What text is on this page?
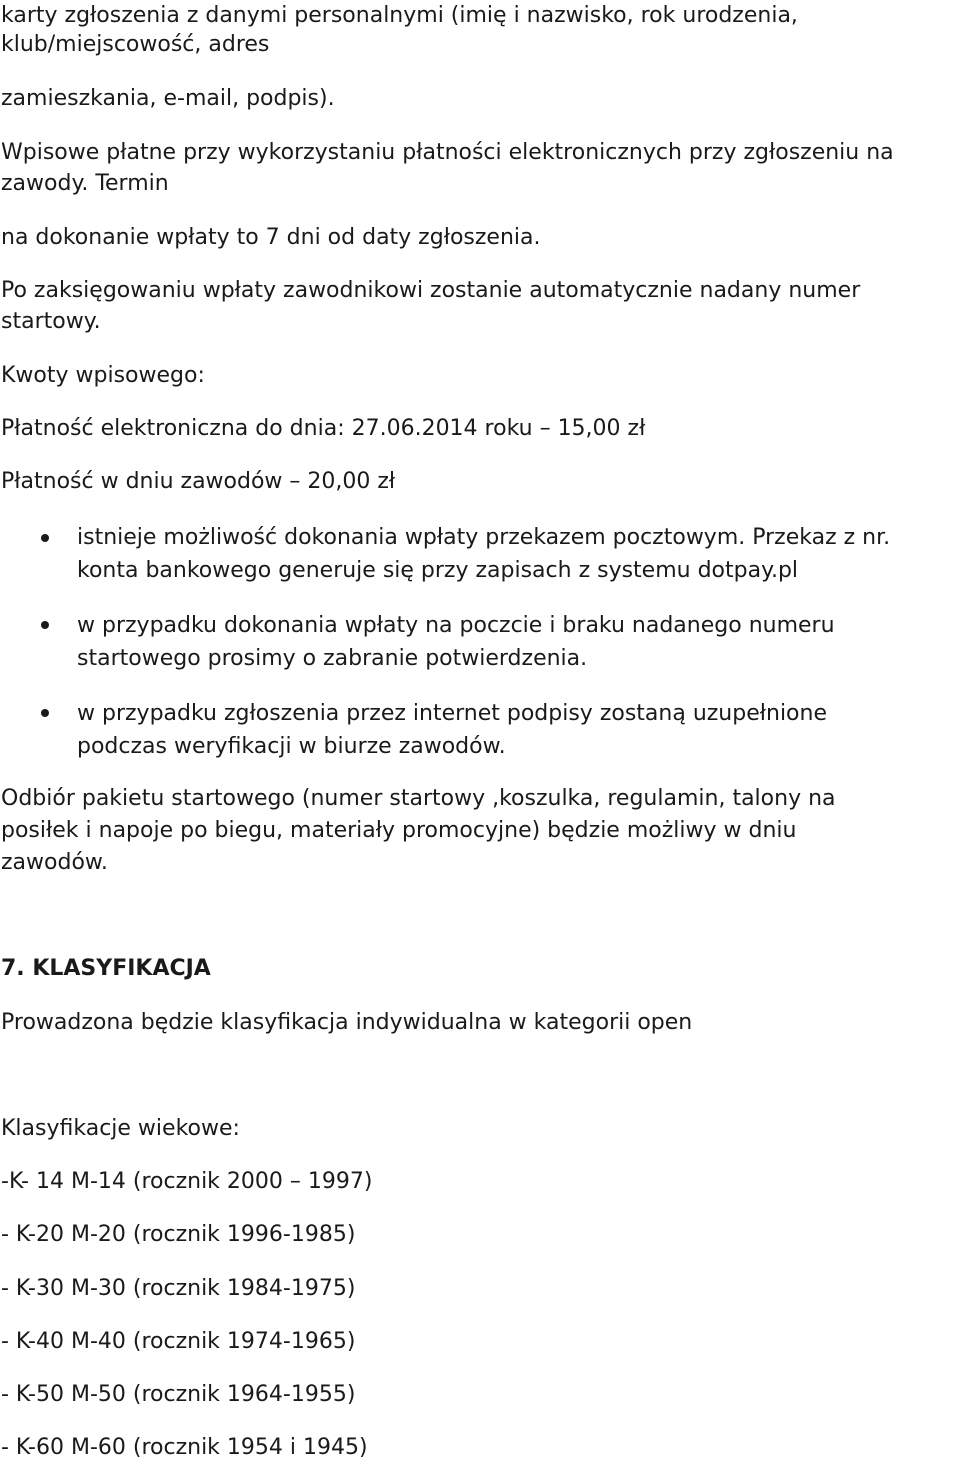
karty zgłoszenia z danymi personalnymi (imię i nazwisko, rok urodzenia,
klub/miejscowość, adres
zamieszkania, e-mail, podpis).
Wpisowe płatne przy wykorzystaniu płatności elektronicznych przy zgłoszeniu na
zawody. Termin
na dokonanie wpłaty to 7 dni od daty zgłoszenia.
Po zaksięgowaniu wpłaty zawodnikowi zostanie automatycznie nadany numer
startowy.
Kwoty wpisowego:
Płatność elektroniczna do dnia: 27.06.2014 roku – 15,00 zł
Płatność w dniu zawodów – 20,00 zł
istnieje możliwość dokonania wpłaty przekazem pocztowym. Przekaz z nr.
konta bankowego generuje się przy zapisach z systemu dotpay.pl
w przypadku dokonania wpłaty na poczcie i braku nadanego numeru
startowego prosimy o zabranie potwierdzenia.
w przypadku zgłoszenia przez internet podpisy zostaną uzupełnione
podczas weryfikacji w biurze zawodów.
Odbiór pakietu startowego (numer startowy ,koszulka, regulamin, talony na
posiłek i napoje po biegu, materiały promocyjne) będzie możliwy w dniu
zawodów.
7. KLASYFIKACJA
Prowadzona będzie klasyfikacja indywidualna w kategorii open
Klasyfikacje wiekowe:
-K- 14 M-14 (rocznik 2000 – 1997)
- K-20 M-20 (rocznik 1996-1985)
- K-30 M-30 (rocznik 1984-1975)
- K-40 M-40 (rocznik 1974-1965)
- K-50 M-50 (rocznik 1964-1955)
- K-60 M-60 (rocznik 1954 i 1945)
